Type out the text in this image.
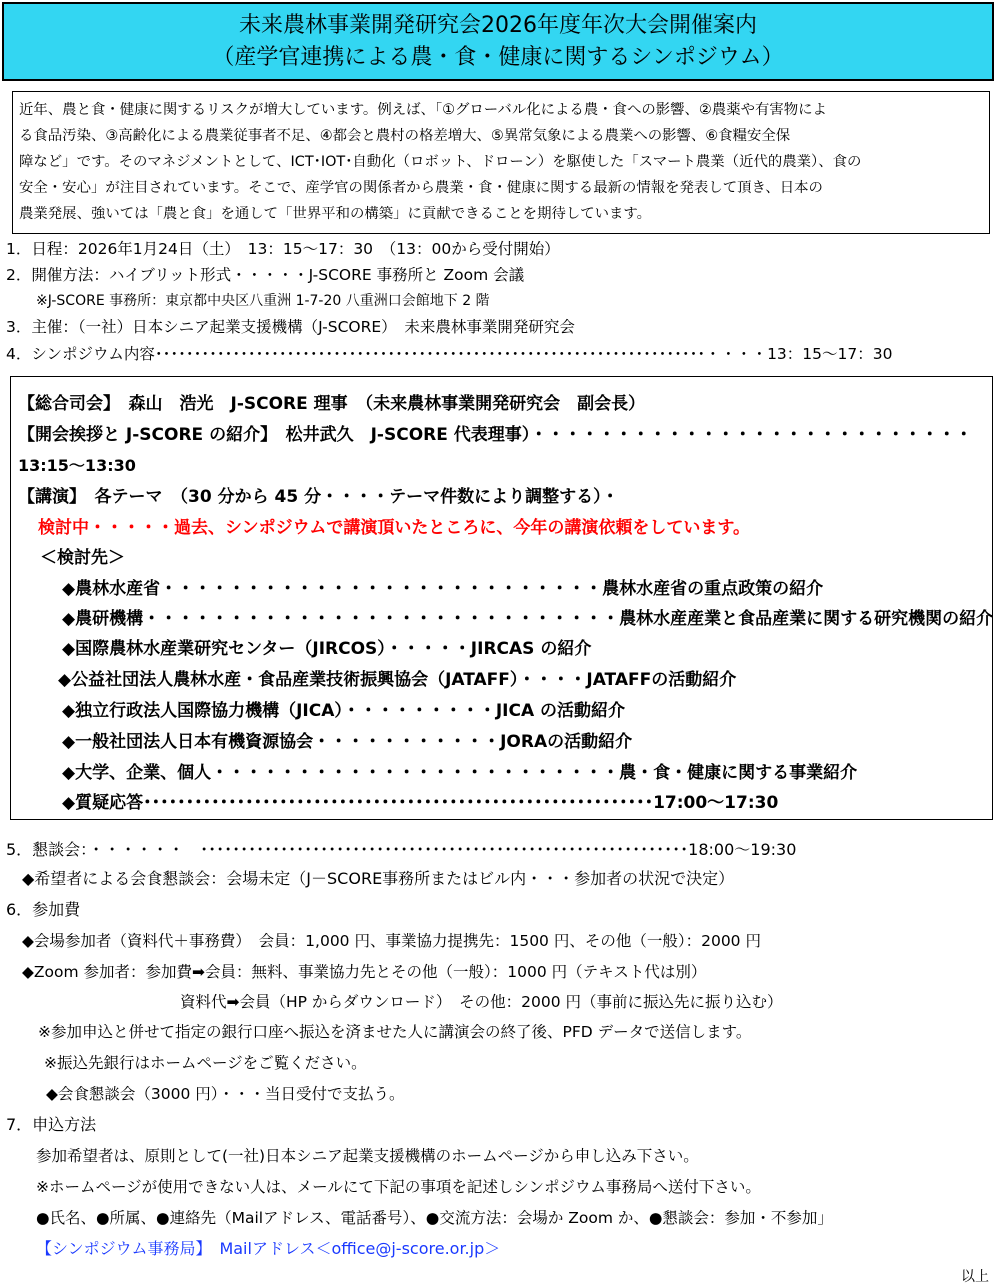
未来農林事業開発研究会2026年度年次大会開催案内
（産学官連携による農・食・健康に関するシンポジウム）
近年、農と食・健康に関するリスクが増大しています。例えば、「①グローバル化による農・食への影響、②農薬や有害物によ
る食品汚染、③高齢化による農業従事者不足、④都会と農村の格差増大、⑤異常気象による農業への影響、⑥食糧安全保
障など」です。そのマネジメントとして、ICT･IOT･自動化（ロボット、ドローン）を駆使した「スマート農業（近代的農業）、食の
安全・安心」が注目されています。そこで、産学官の関係者から農業・食・健康に関する最新の情報を発表して頂き、日本の
農業発展、強いては「農と食」を通して「世界平和の構築」に貢献できることを期待しています。
1．日程：2026年1月24日（土）　13：15～17：30　（13：00から受付開始）
2．開催方法：ハイブリット形式・・・・・J-SCORE 事務所と Zoom 会議
※J-SCORE 事務所：東京都中央区八重洲 1-7-20 八重洲口会館地下 2 階
3．主催：（一社）日本シニア起業支援機構（J-SCORE）　未来農林事業開発研究会
4．シンポジウム内容･･･････････････････････････････････････････････････････････････････････・・・・13：15～17：30
【総合司会】　森山　浩光　J-SCORE 理事　（未来農林事業開発研究会　副会長）
【開会挨拶と J-SCORE の紹介】　松井武久　J-SCORE 代表理事）・・・・・・・・・・・・・・・・・・・・・・・・・・
13:15～13:30
【講演】　各テーマ　（30 分から 45 分・・・・テーマ件数により調整する）・
検討中・・・・・過去、シンポジウムで講演頂いたところに、今年の講演依頼をしています。
＜検討先＞
◆農林水産省・・・・・・・・・・・・・・・・・・・・・・・・・・農林水産省の重点政策の紹介
◆農研機構・・・・・・・・・・・・・・・・・・・・・・・・・・・・農林水産産業と食品産業に関する研究機関の紹介
◆国際農林水産業研究センター（JIRCOS）・・・・・JIRCAS の紹介
◆公益社団法人農林水産・食品産業技術振興協会（JATAFF）・・・・JATAFFの活動紹介
◆独立行政法人国際協力機構（JICA）・・・・・・・・・JICA の活動紹介
◆一般社団法人日本有機資源協会・・・・・・・・・・・JORAの活動紹介
◆大学、企業、個人・・・・・・・・・・・・・・・・・・・・・・・・農・食・健康に関する事業紹介
◆質疑応答････････････････････････････････････････････････････････････17:00～17:30
5．懇談会：・・・・・・　･････････････････････････････････････････････････････････････18:00～19:30
◆希望者による会食懇談会：会場未定（J－SCORE事務所またはビル内・・・参加者の状況で決定）
6．参加費
◆会場参加者（資料代＋事務費）　会員：1,000 円、事業協力提携先：1500 円、その他（一般）：2000 円
◆Zoom 参加者：参加費➡会員：無料、事業協力先とその他（一般）：1000 円（テキスト代は別）
資料代➡会員（HP からダウンロード）　その他：2000 円（事前に振込先に振り込む）
※参加申込と併せて指定の銀行口座へ振込を済ませた人に講演会の終了後、PFD データで送信します。
※振込先銀行はホームページをご覧ください。
◆会食懇談会（3000 円）・・・当日受付で支払う。
7．申込方法
参加希望者は、原則として(一社)日本シニア起業支援機構のホームページから申し込み下さい。
※ホームページが使用できない人は、メールにて下記の事項を記述しシンポジウム事務局へ送付下さい。
●氏名、●所属、●連絡先（Mailアドレス、電話番号）、●交流方法：会場か Zoom か、●懇談会：参加・不参加」
【シンポジウム事務局】　Mailアドレス＜office@j-score.or.jp＞
以上
